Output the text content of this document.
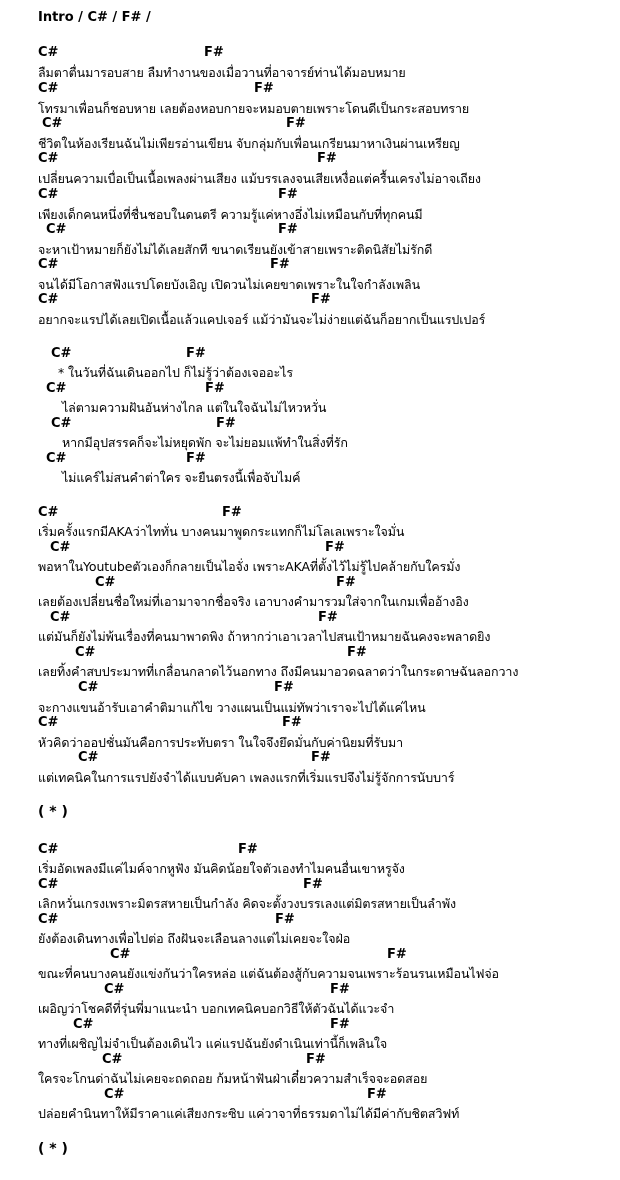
Intro / C# / F# /
C#	F#
ลืมตาตื่นมารอบสาย ลืมทำงานของเมื่อวานที่อาจารย์ท่านได้มอบหมาย
C#	F#
โทรมาเพื่อนก็ชอบหาย เลยต้องหอบกายจะหมอบตายเพราะโดนดีเป็นกระสอบทราย
C#	F#
ชีวิตในห้องเรียนฉันไม่เพียรอ่านเขียน จับกลุ่มกับเพื่อนเกรียนมาหาเงินผ่านเหรียญ
C#	F#
เปลี่ยนความเบื่อเป็นเนื้อเพลงผ่านเสียง แม้บรรเลงจนเสียเหงื่อแต่ครื้นเครงไม่อาจเถียง
C#	F#
เพียงเด็กคนหนึ่งที่ชื่นชอบในดนตรี ความรู้แค่หางอึ่งไม่เหมือนกับที่ทุกคนมี
C#	F#
จะหาเป้าหมายก็ยังไม่ได้เลยสักที ขนาดเรียนยังเข้าสายเพราะติดนิสัยไม่รักดี
C#	F#
จนได้มีโอกาสฟังแรปโดยบังเอิญ เปิดวนไม่เคยขาดเพราะในใจกำลังเพลิน
C#	F#
อยากจะแรปได้เลยเปิดเนื้อแล้วแคปเจอร์ แม้ว่ามันจะไม่ง่ายแต่ฉันก็อยากเป็นแรปเปอร์
C#	F#
* ในวันที่ฉันเดินออกไป ก็ไม่รู้ว่าต้องเจออะไร
C#	F#
ไล่ตามความฝันอันห่างไกล แต่ในใจฉันไม่ไหวหวั่น
C#	F#
หากมีอุปสรรคก็จะไม่หยุดพัก จะไม่ยอมแพ้ทำในสิ่งที่รัก
C#	F#
ไม่แคร์ไม่สนคำต่าใคร จะยืนตรงนี้เพื่อจับไมค์
C#	F#
เริ่มครั้งแรกมีAKAว่าไททั่น บางคนมาพูดกระแทกก็ไม่โลเลเพราะใจมั่น
C#	F#
พอหาในYoutubeตัวเองก็กลายเป็นไอจั่ง เพราะAKAที่ตั้งไว้ไม่รู้ไปคล้ายกับใครมั่ง
C#	F#
เลยต้องเปลี่ยนชื่อใหม่ที่เอามาจากชื่อจริง เอาบางคำมารวมใส่จากในเกมเพื่ออ้างอิง
C#	F#
แต่มันก็ยังไม่พ้นเรื่องที่คนมาพาดพิง ถ้าหากว่าเอาเวลาไปสนเป้าหมายฉันคงจะพลาดยิง
C#	F#
เลยทิ้งคำสบประมาทที่เกลื่อนกลาดไว้นอกทาง ถึงมีคนมาอวดฉลาดว่าในกระดาษฉันลอกวาง
C#	F#
จะกางแขนอ้ารับเอาคำติมาแก้ไข วางแผนเป็นแม่ทัพว่าเราจะไปได้แค่ไหน
C#	F#
หัวคิดว่าออปชั่นมันคือการประทับตรา ในใจจึงยึดมั่นกับค่านิยมที่รับมา
C#	F#
แต่เทคนิคในการแรปยังจำได้แบบคับคา เพลงแรกที่เริ่มแรปจึงไม่รู้จักการนับบาร์
( * )
C#	F#
เริ่มอัดเพลงมีแค่ไมค์จากหูฟัง มันคิดน้อยใจตัวเองทำไมคนอื่นเขาหรูจัง
C#	F#
เลิกหวั่นเกรงเพราะมิตรสหายเป็นกำลัง คิดจะตั้งวงบรรเลงแต่มิตรสหายเป็นลำพัง
C#	F#
ยังต้องเดินทางเพื่อไปต่อ ถึงฝันจะเลือนลางแต่ไม่เคยจะใจฝ่อ
C#	F#
ขณะที่คนบางคนยังแข่งกันว่าใครหล่อ แต่ฉันต้องสู้กับความจนเพราะร้อนรนเหมือนไฟจ่อ
C#	F#
เผอิญว่าโชคดีที่รุ่นพี่มาแนะนำ บอกเทคนิคบอกวิธีให้ตัวฉันได้แวะจำ
C#	F#
ทางที่เผชิญไม่จำเป็นต้องเดินไว แค่แรปฉันยังดำเนินเท่านี้ก็เพลินใจ
C#	F#
ใครจะโกนด่าฉันไม่เคยจะถดถอย ก้มหน้าฟันฝ่าเดี๋ยวความสำเร็จจะอดสอย
C#	F#
ปล่อยคำนินทาให้มีราคาแค่เสียงกระซิบ แค่วาจาที่ธรรมดาไม่ได้มีค่ากับชิตสวิฟท์
( * )
